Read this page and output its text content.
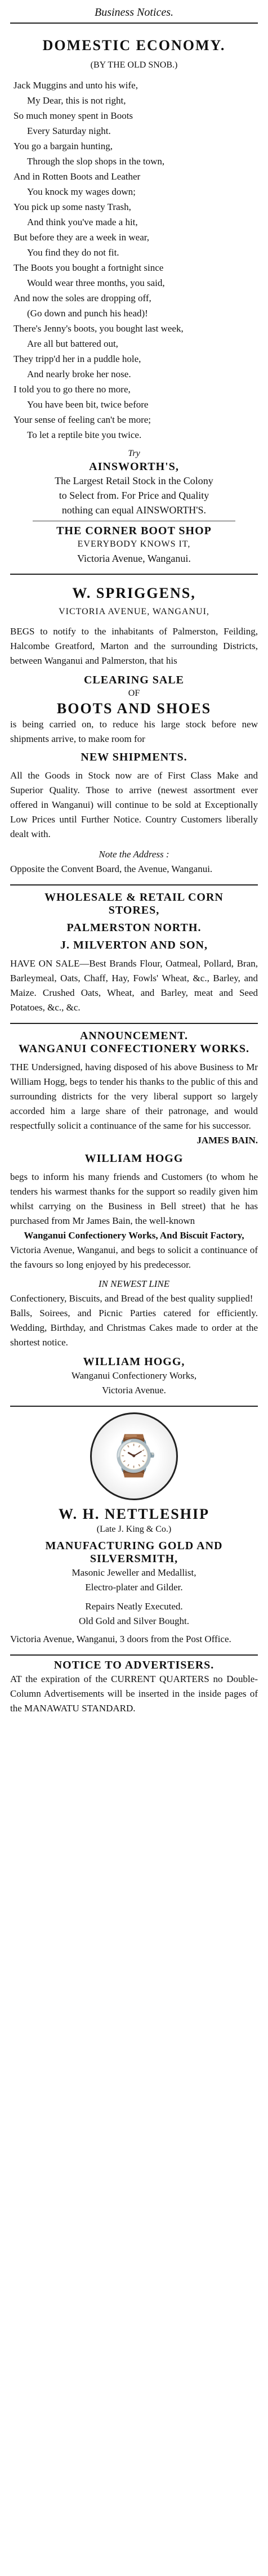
Business Notices.
DOMESTIC ECONOMY.
(BY THE OLD SNOB.)
Jack Muggins and unto his wife,
My Dear, this is not right,
So much money spent in Boots
Every Saturday night.
You go a bargain hunting,
Through the slop shops in the town,
And in Rotten Boots and Leather
You knock my wages down;
You pick up some nasty Trash,
And think you've made a hit,
But before they are a week in wear,
You find they do not fit.
The Boots you bought a fortnight since
Would wear three months, you said,
And now the soles are dropping off,
(Go down and punch his head)!
There's Jenny's boots, you bought last week,
Are all but battered out,
They tripp'd her in a puddle hole,
And nearly broke her nose.
I told you to go there no more,
You have been bit, twice before
Your sense of feeling can't be more;
To let a reptile bite you twice.
Try
AINSWORTH'S,
The Largest Retail Stock in the Colony
to Select from. For Price and Quality
nothing can equal AINSWORTH'S.
THE CORNER BOOT SHOP
EVERYBODY KNOWS IT,
Victoria Avenue, Wanganui.
W. SPRIGGENS,
VICTORIA AVENUE, WANGANUI,
BEGS to notify to the inhabitants of Palmerston, Feilding, Halcombe Greatford, Marton and the surrounding Districts, between Wanganui and Palmerston, that his
CLEARING SALE
OF
BOOTS AND SHOES
is being carried on, to reduce his large stock before new shipments arrive, to make room for
NEW SHIPMENTS.
All the Goods in Stock now are of First Class Make and Superior Quality. Those to arrive (newest assortment ever offered in Wanganui) will continue to be sold at Exceptionally Low Prices until Further Notice. Country Customers liberally dealt with.
Note the Address :
Opposite the Convent Board, the Avenue, Wanganui.
WHOLESALE & RETAIL CORN
STORES,
PALMERSTON NORTH.
J. MILVERTON AND SON,
HAVE ON SALE—Best Brands Flour, Oatmeal, Pollard, Bran, Barleymeal, Oats, Chaff, Hay, Fowls' Wheat, &c., Barley, and Maize. Crushed Oats, Wheat, and Barley, meat and Seed Potatoes, &c., &c.
ANNOUNCEMENT.
WANGANUI CONFECTIONERY WORKS.
THE Undersigned, having disposed of his above Business to Mr William Hogg, begs to tender his thanks to the public of this and surrounding districts for the very liberal support so largely accorded him a large share of their patronage, and would respectfully solicit a continuance of the same for his successor.
JAMES BAIN.
WILLIAM HOGG
begs to inform his many friends and Customers (to whom he tenders his warmest thanks for the support so readily given him whilst carrying on the Business in Bell street) that he has purchased from Mr James Bain, the well-known
Wanganui Confectionery Works, And Biscuit Factory,
Victoria Avenue, Wanganui, and begs to solicit a continuance of the favours so long enjoyed by his predecessor.
IN NEWEST LINE
Confectionery, Biscuits, and Bread of the best quality supplied!
Balls, Soirees, and Picnic Parties catered for efficiently. Wedding, Birthday, and Christmas Cakes made to order at the shortest notice.
WILLIAM HOGG,
Wanganui Confectionery Works,
Victoria Avenue.
⌚
W. H. NETTLESHIP
(Late J. King & Co.)
MANUFACTURING GOLD AND
SILVERSMITH,
Masonic Jeweller and Medallist,
Electro-plater and Gilder.
Repairs Neatly Executed.
Old Gold and Silver Bought.
Victoria Avenue, Wanganui, 3 doors from the Post Office.
NOTICE TO ADVERTISERS.
AT the expiration of the CURRENT QUARTERS no Double-Column Advertisements will be inserted in the inside pages of the MANAWATU STANDARD.
